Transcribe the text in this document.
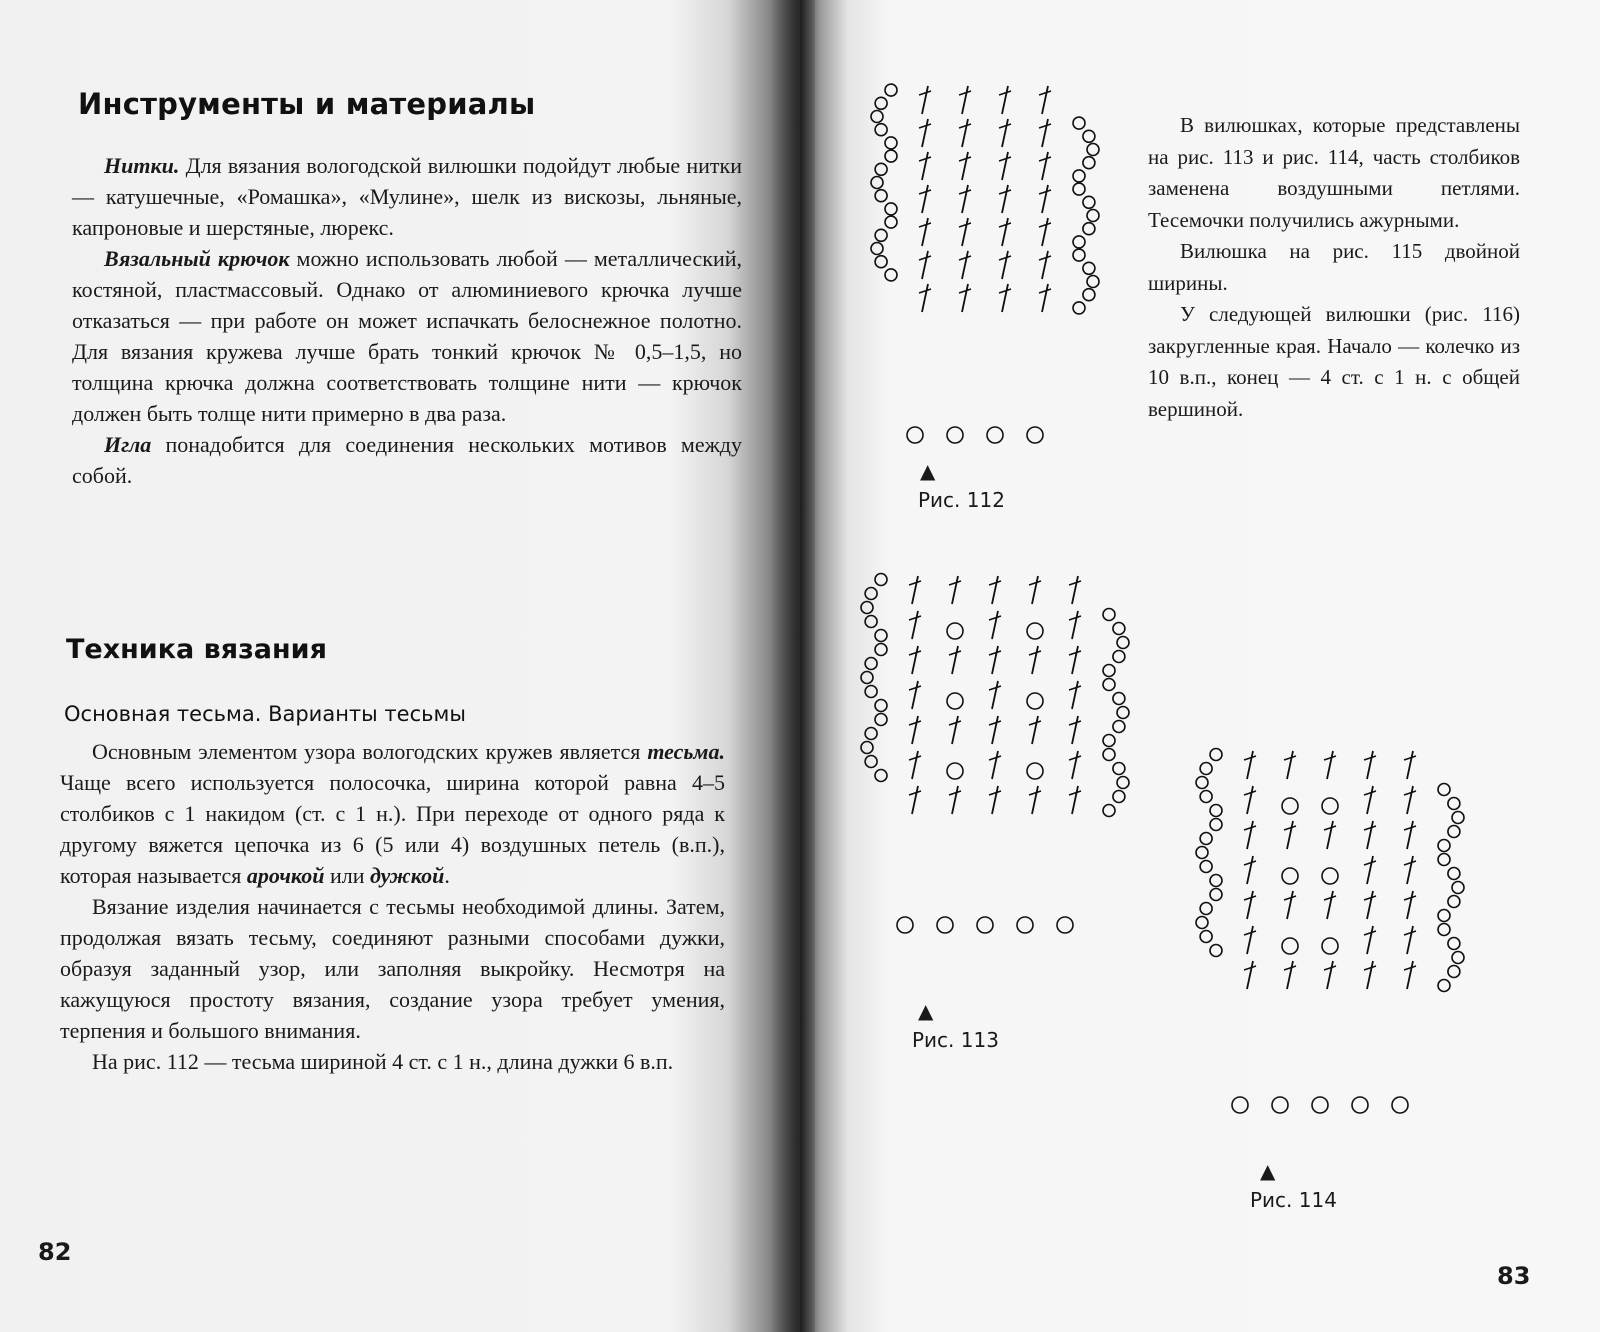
Инструменты и материалы

Нитки. Для вязания вологодской вилюшки подойдут любые нитки — катушечные, «Ромашка», «Мулине», шелк из вискозы, льняные, капроновые и шерстяные, люрекс.

Вязальный крючок можно использовать любой — металлический, костяной, пластмассовый. Однако от алюминиевого крючка лучше отказаться — при работе он может испачкать белоснежное полотно. Для вязания кружева лучше брать тонкий крючок № 0,5–1,5, но толщина крючка должна соответствовать толщине нити — крючок должен быть толще нити примерно в два раза.

Игла понадобится для соединения нескольких мотивов между собой.

Техника вязания
Основная тесьма. Варианты тесьмы

Основным элементом узора вологодских кружев является тесьма. Чаще всего используется полосочка, ширина которой равна 4–5 столбиков с 1 накидом (ст. с 1 н.). При переходе от одного ряда к другому вяжется цепочка из 6 (5 или 4) воздушных петель (в.п.), которая называется арочкой или дужкой.

Вязание изделия начинается с тесьмы необходимой длины. Затем, продолжая вязать тесьму, соединяют разными способами дужки, образуя заданный узор, или заполняя выкройку. Несмотря на кажущуюся простоту вязания, создание узора требует умения, терпения и большого внимания.

На рис. 112 — тесьма шириной 4 ст. с 1 н., длина дужки 6 в.п.

82

В вилюшках, которые представлены на рис. 113 и рис. 114, часть столбиков заменена воздушными петлями. Тесемочки получились ажурными.

Вилюшка на рис. 115 двойной ширины.

У следующей вилюшки (рис. 116) закругленные края. Начало — колечко из 10 в.п., конец — 4 ст. с 1 н. с общей вершиной.

83
▲
Рис. 112
▲
Рис. 113
▲
Рис. 114
